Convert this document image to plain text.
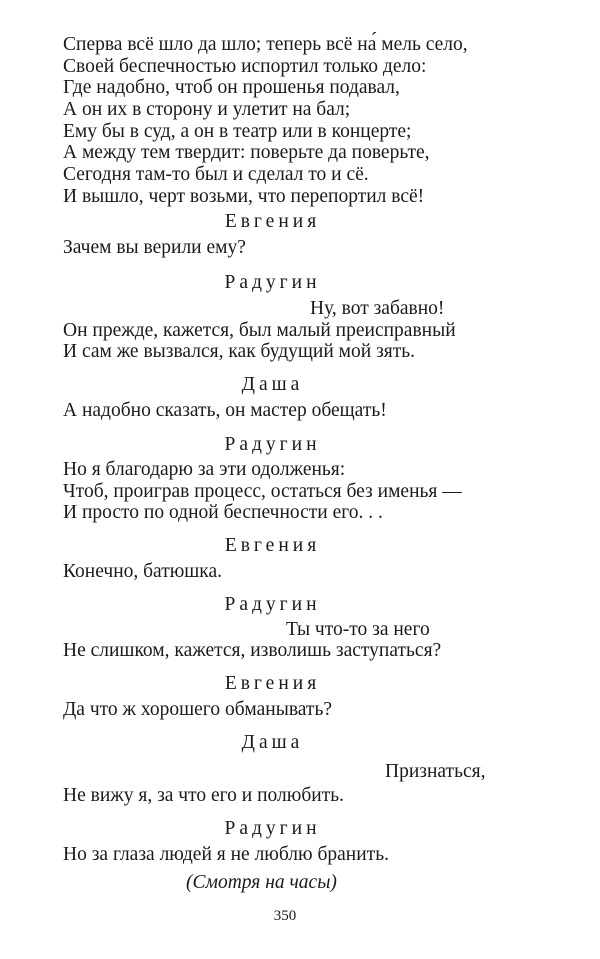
Сперва всё шло да шло; теперь всё на́ мель село,
Своей беспечностью испортил только дело:
Где надобно, чтоб он прошенья подавал,
А он их в сторону и улетит на бал;
Ему бы в суд, а он в театр или в концерте;
А между тем твердит: поверьте да поверьте,
Сегодня там-то был и сделал то и сё.
И вышло, черт возьми, что перепортил всё!
Евгения
Зачем вы верили ему?
Радугин
Ну, вот забавно!
Он прежде, кажется, был малый преисправный
И сам же вызвался, как будущий мой зять.
Даша
А надобно сказать, он мастер обещать!
Радугин
Но я благодарю за эти одолженья:
Чтоб, проиграв процесс, остаться без именья —
И просто по одной беспечности его. . .
Евгения
Конечно, батюшка.
Радугин
Ты что-то за него
Не слишком, кажется, изволишь заступаться?
Евгения
Да что ж хорошего обманывать?
Даша
Признаться,
Не вижу я, за что его и полюбить.
Радугин
Но за глаза людей я не люблю бранить.
(Смотря на часы)
350
